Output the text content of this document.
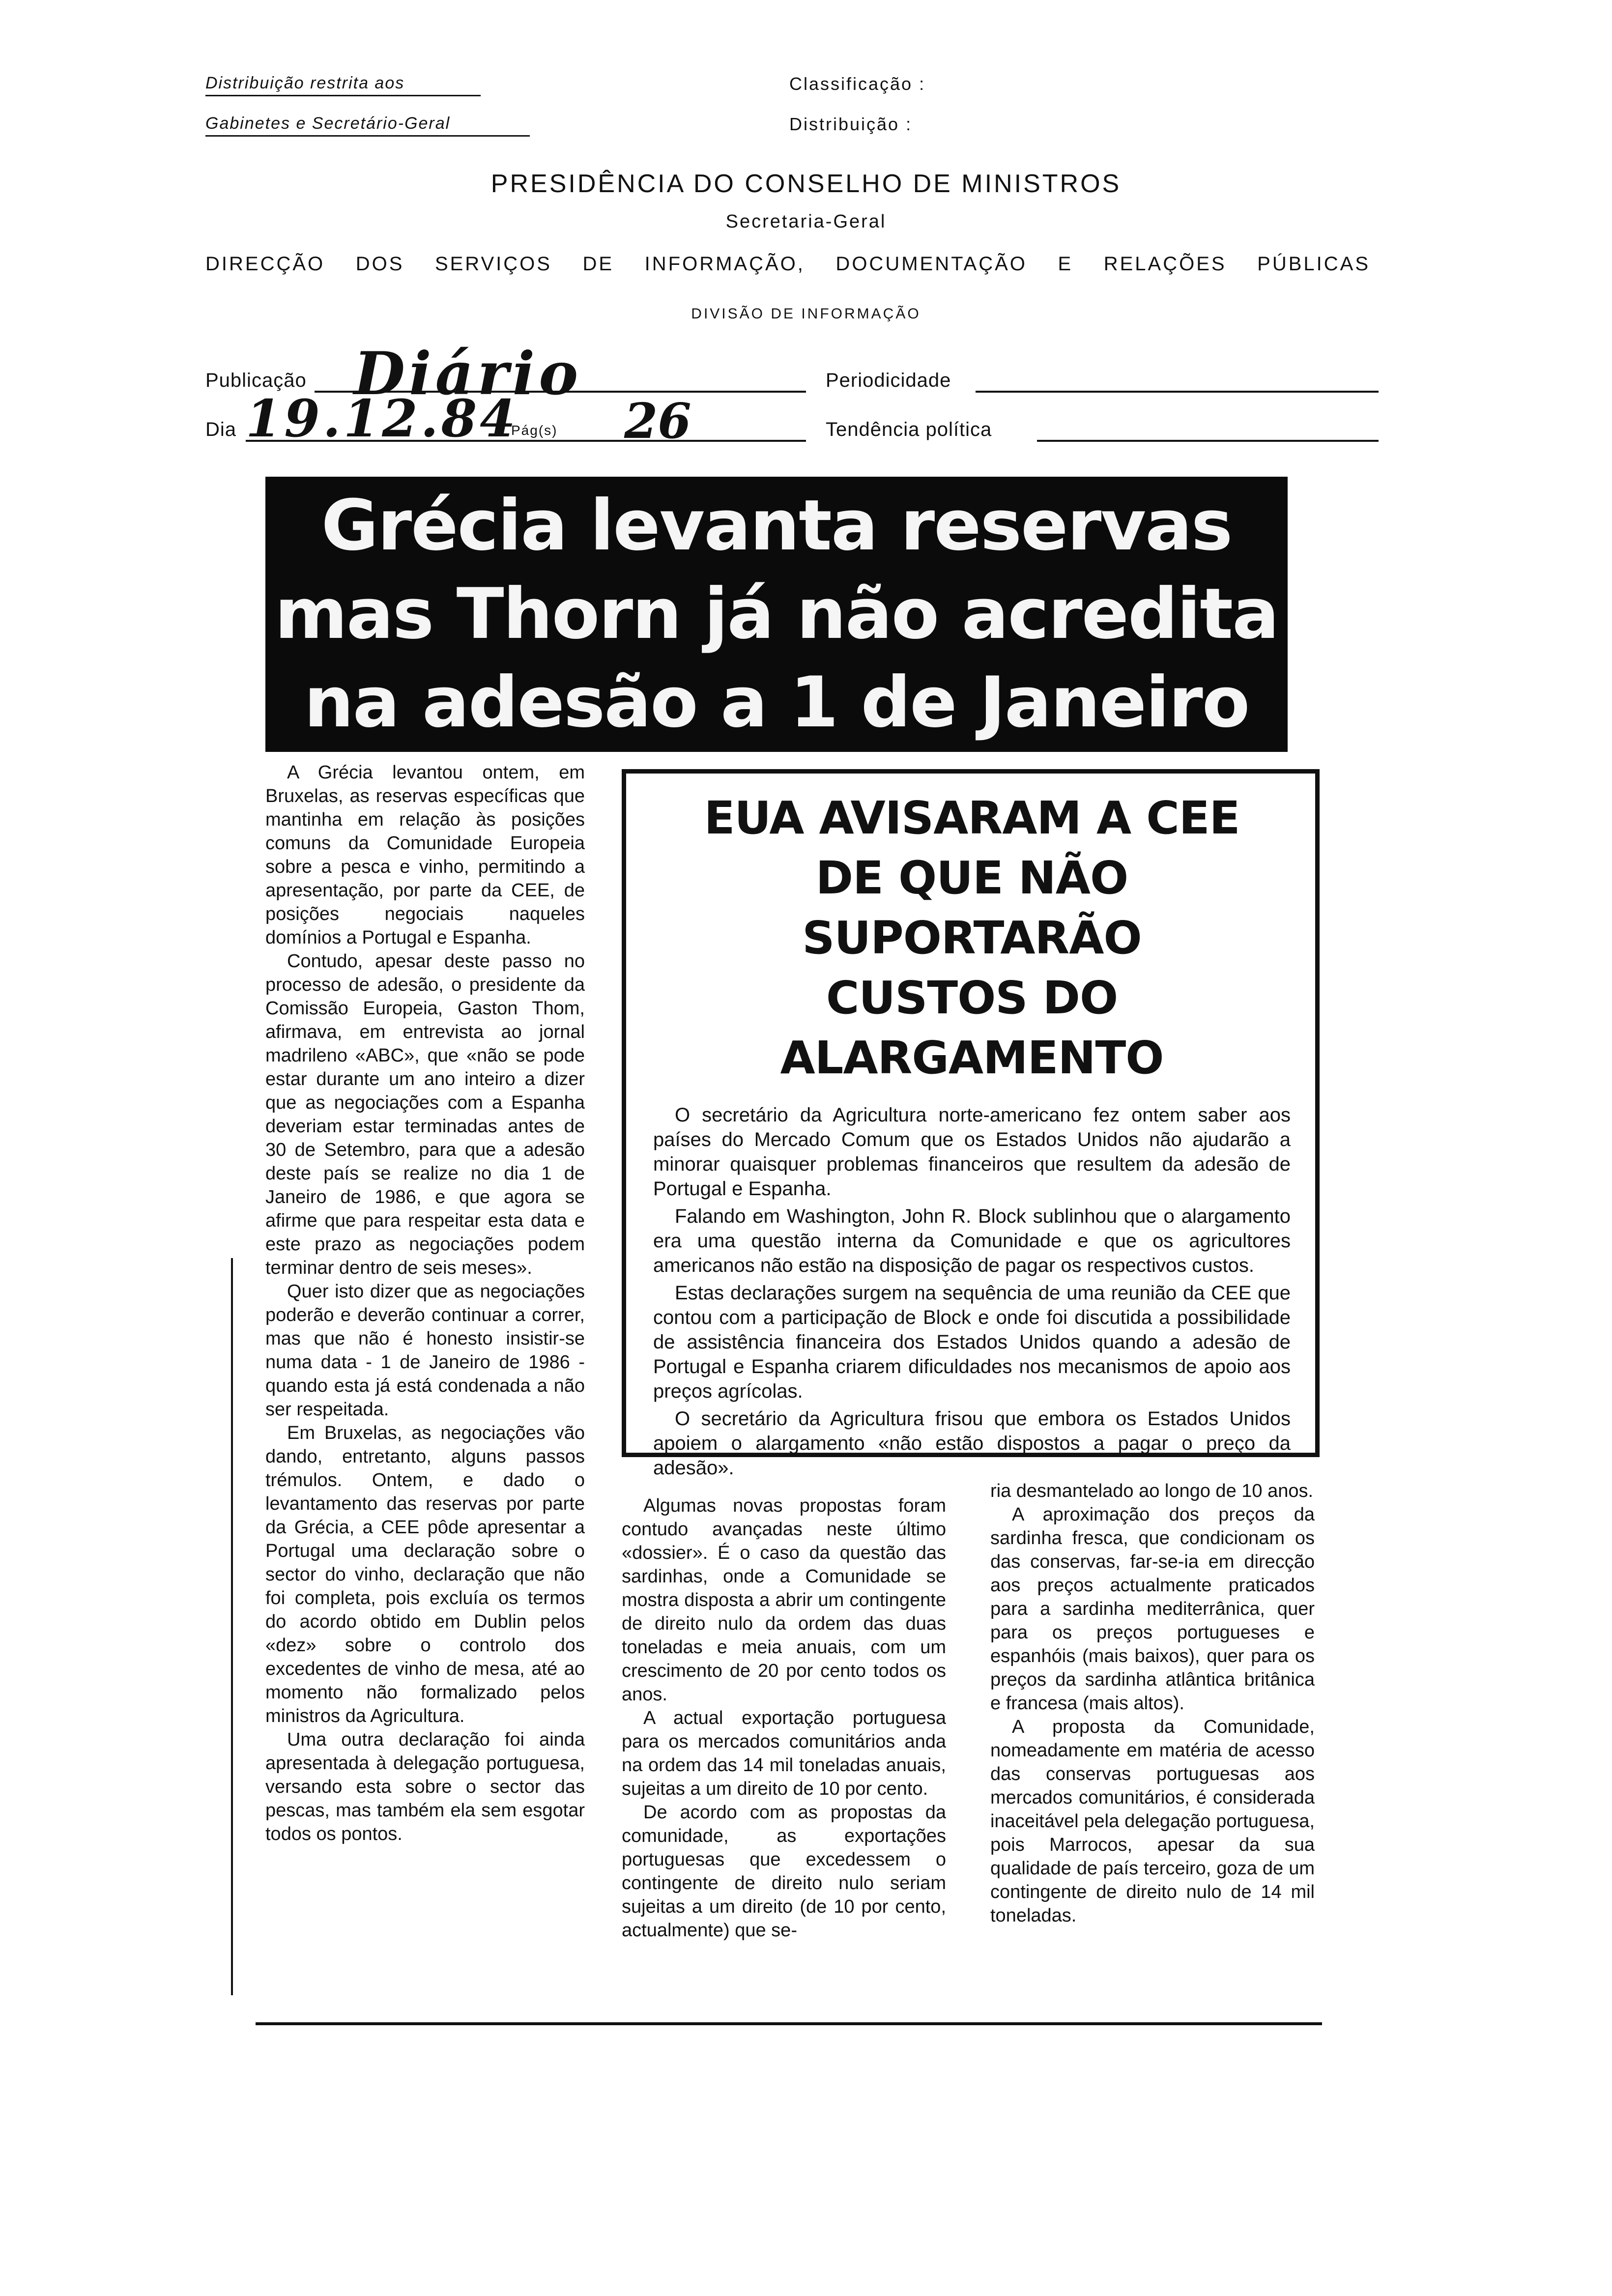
Distribuição restrita aos
Gabinetes e Secretário-Geral
Classificação :
Distribuição :
PRESIDÊNCIA DO CONSELHO DE MINISTROS
Secretaria-Geral
DIRECÇÃO DOS SERVIÇOS DE INFORMAÇÃO, DOCUMENTAÇÃO E RELAÇÕES PÚBLICAS
DIVISÃO DE INFORMAÇÃO
Publicação Diário	Periodicidade
Dia 19.12.84
Pág(s) 26	Tendência política
Grécia levanta reservas
mas Thorn já não acredita
na adesão a 1 de Janeiro

A Grécia levantou ontem, em Bruxelas, as reservas específicas que mantinha em relação às posições comuns da Comunidade Europeia sobre a pesca e vinho, permitindo a apresentação, por parte da CEE, de posições negociais naqueles domínios a Portugal e Espanha.

Contudo, apesar deste passo no processo de adesão, o presidente da Comissão Europeia, Gaston Thom, afirmava, em entrevista ao jornal madrileno «ABC», que «não se pode estar durante um ano inteiro a dizer que as negociações com a Espanha deveriam estar terminadas antes de 30 de Setembro, para que a adesão deste país se realize no dia 1 de Janeiro de 1986, e que agora se afirme que para respeitar esta data e este prazo as negociações podem terminar dentro de seis meses».

Quer isto dizer que as negociações poderão e deverão continuar a correr, mas que não é honesto insistir-se numa data - 1 de Janeiro de 1986 - quando esta já está condenada a não ser respeitada.

Em Bruxelas, as negociações vão dando, entretanto, alguns passos trémulos. Ontem, e dado o levantamento das reservas por parte da Grécia, a CEE pôde apresentar a Portugal uma declaração sobre o sector do vinho, declaração que não foi completa, pois excluía os termos do acordo obtido em Dublin pelos «dez» sobre o controlo dos excedentes de vinho de mesa, até ao momento não formalizado pelos ministros da Agricultura.

Uma outra declaração foi ainda apresentada à delegação portuguesa, versando esta sobre o sector das pescas, mas também ela sem esgotar todos os pontos.

EUA AVISARAM A CEE
DE QUE NÃO SUPORTARÃO
CUSTOS DO ALARGAMENTO

O secretário da Agricultura norte-americano fez ontem saber aos países do Mercado Comum que os Estados Unidos não ajudarão a minorar quaisquer problemas financeiros que resultem da adesão de Portugal e Espanha.

Falando em Washington, John R. Block sublinhou que o alargamento era uma questão interna da Comunidade e que os agricultores americanos não estão na disposição de pagar os respectivos custos.

Estas declarações surgem na sequência de uma reunião da CEE que contou com a participação de Block e onde foi discutida a possibilidade de assistência financeira dos Estados Unidos quando a adesão de Portugal e Espanha criarem dificuldades nos mecanismos de apoio aos preços agrícolas.

O secretário da Agricultura frisou que embora os Estados Unidos apoiem o alargamento «não estão dispostos a pagar o preço da adesão».

Algumas novas propostas foram contudo avançadas neste último «dossier». É o caso da questão das sardinhas, onde a Comunidade se mostra disposta a abrir um contingente de direito nulo da ordem das duas toneladas e meia anuais, com um crescimento de 20 por cento todos os anos.

A actual exportação portuguesa para os mercados comunitários anda na ordem das 14 mil toneladas anuais, sujeitas a um direito de 10 por cento.

De acordo com as propostas da comunidade, as exportações portuguesas que excedessem o contingente de direito nulo seriam sujeitas a um direito (de 10 por cento, actualmente) que se-

ria desmantelado ao longo de 10 anos.

A aproximação dos preços da sardinha fresca, que condicionam os das conservas, far-se-ia em direcção aos preços actualmente praticados para a sardinha mediterrânica, quer para os preços portugueses e espanhóis (mais baixos), quer para os preços da sardinha atlântica britânica e francesa (mais altos).

A proposta da Comunidade, nomeadamente em matéria de acesso das conservas portuguesas aos mercados comunitários, é considerada inaceitável pela delegação portuguesa, pois Marrocos, apesar da sua qualidade de país terceiro, goza de um contingente de direito nulo de 14 mil toneladas.
